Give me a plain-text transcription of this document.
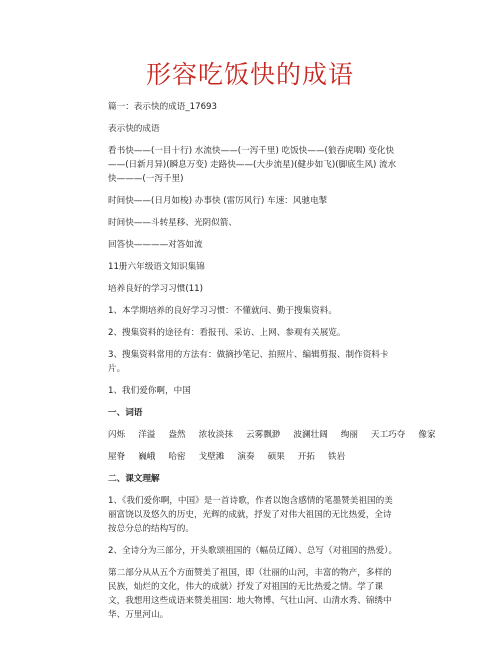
形容吃饭快的成语
篇一：表示快的成语_17693
表示快的成语
看书快——(一目十行) 水流快——(一泻千里) 吃饭快——(狼吞虎咽) 变化快——(日新月异)(瞬息万变) 走路快——(大步流星)(健步如飞)(脚底生风) 流水快———(一泻千里)
时间快——(日月如梭) 办事快 (雷厉风行) 车速：风驰电掣
时间快——斗转星移、光阴似箭、
回答快————对答如流
11册六年级语文知识集锦
培养良好的学习习惯(11)
1、本学期培养的良好学习习惯：不懂就问、勤于搜集资料。
2、搜集资料的途径有：看报刊、采访、上网、参观有关展览。
3、搜集资料常用的方法有：做摘抄笔记、拍照片、编辑剪报、制作资料卡片。
1、我们爱你啊，中国
一、词语
闪烁 洋溢 盎然 浓妆淡抹 云雾飘渺 波澜壮阔 绚丽 天工巧夺 像家
屋脊 巍峨 哈密 戈壁滩 演奏 硕果 开拓 铁岩
二、课文理解
1、《我们爱你啊，中国》是一首诗歌，作者以饱含感情的笔墨赞美祖国的美丽富饶以及悠久的历史，光辉的成就，抒发了对伟大祖国的无比热爱，全诗按总分总的结构写的。
2、全诗分为三部分，开头歌颂祖国的（幅员辽阔）、总写（对祖国的热爱）。
第二部分从从五个方面赞美了祖国，即（壮丽的山河，丰富的物产，多样的民族，灿烂的文化，伟大的成就）抒发了对祖国的无比热爱之情。学了课文，我想用这些成语来赞美祖国：地大物博、气壮山河、山清水秀、锦绣中华、万里河山。
